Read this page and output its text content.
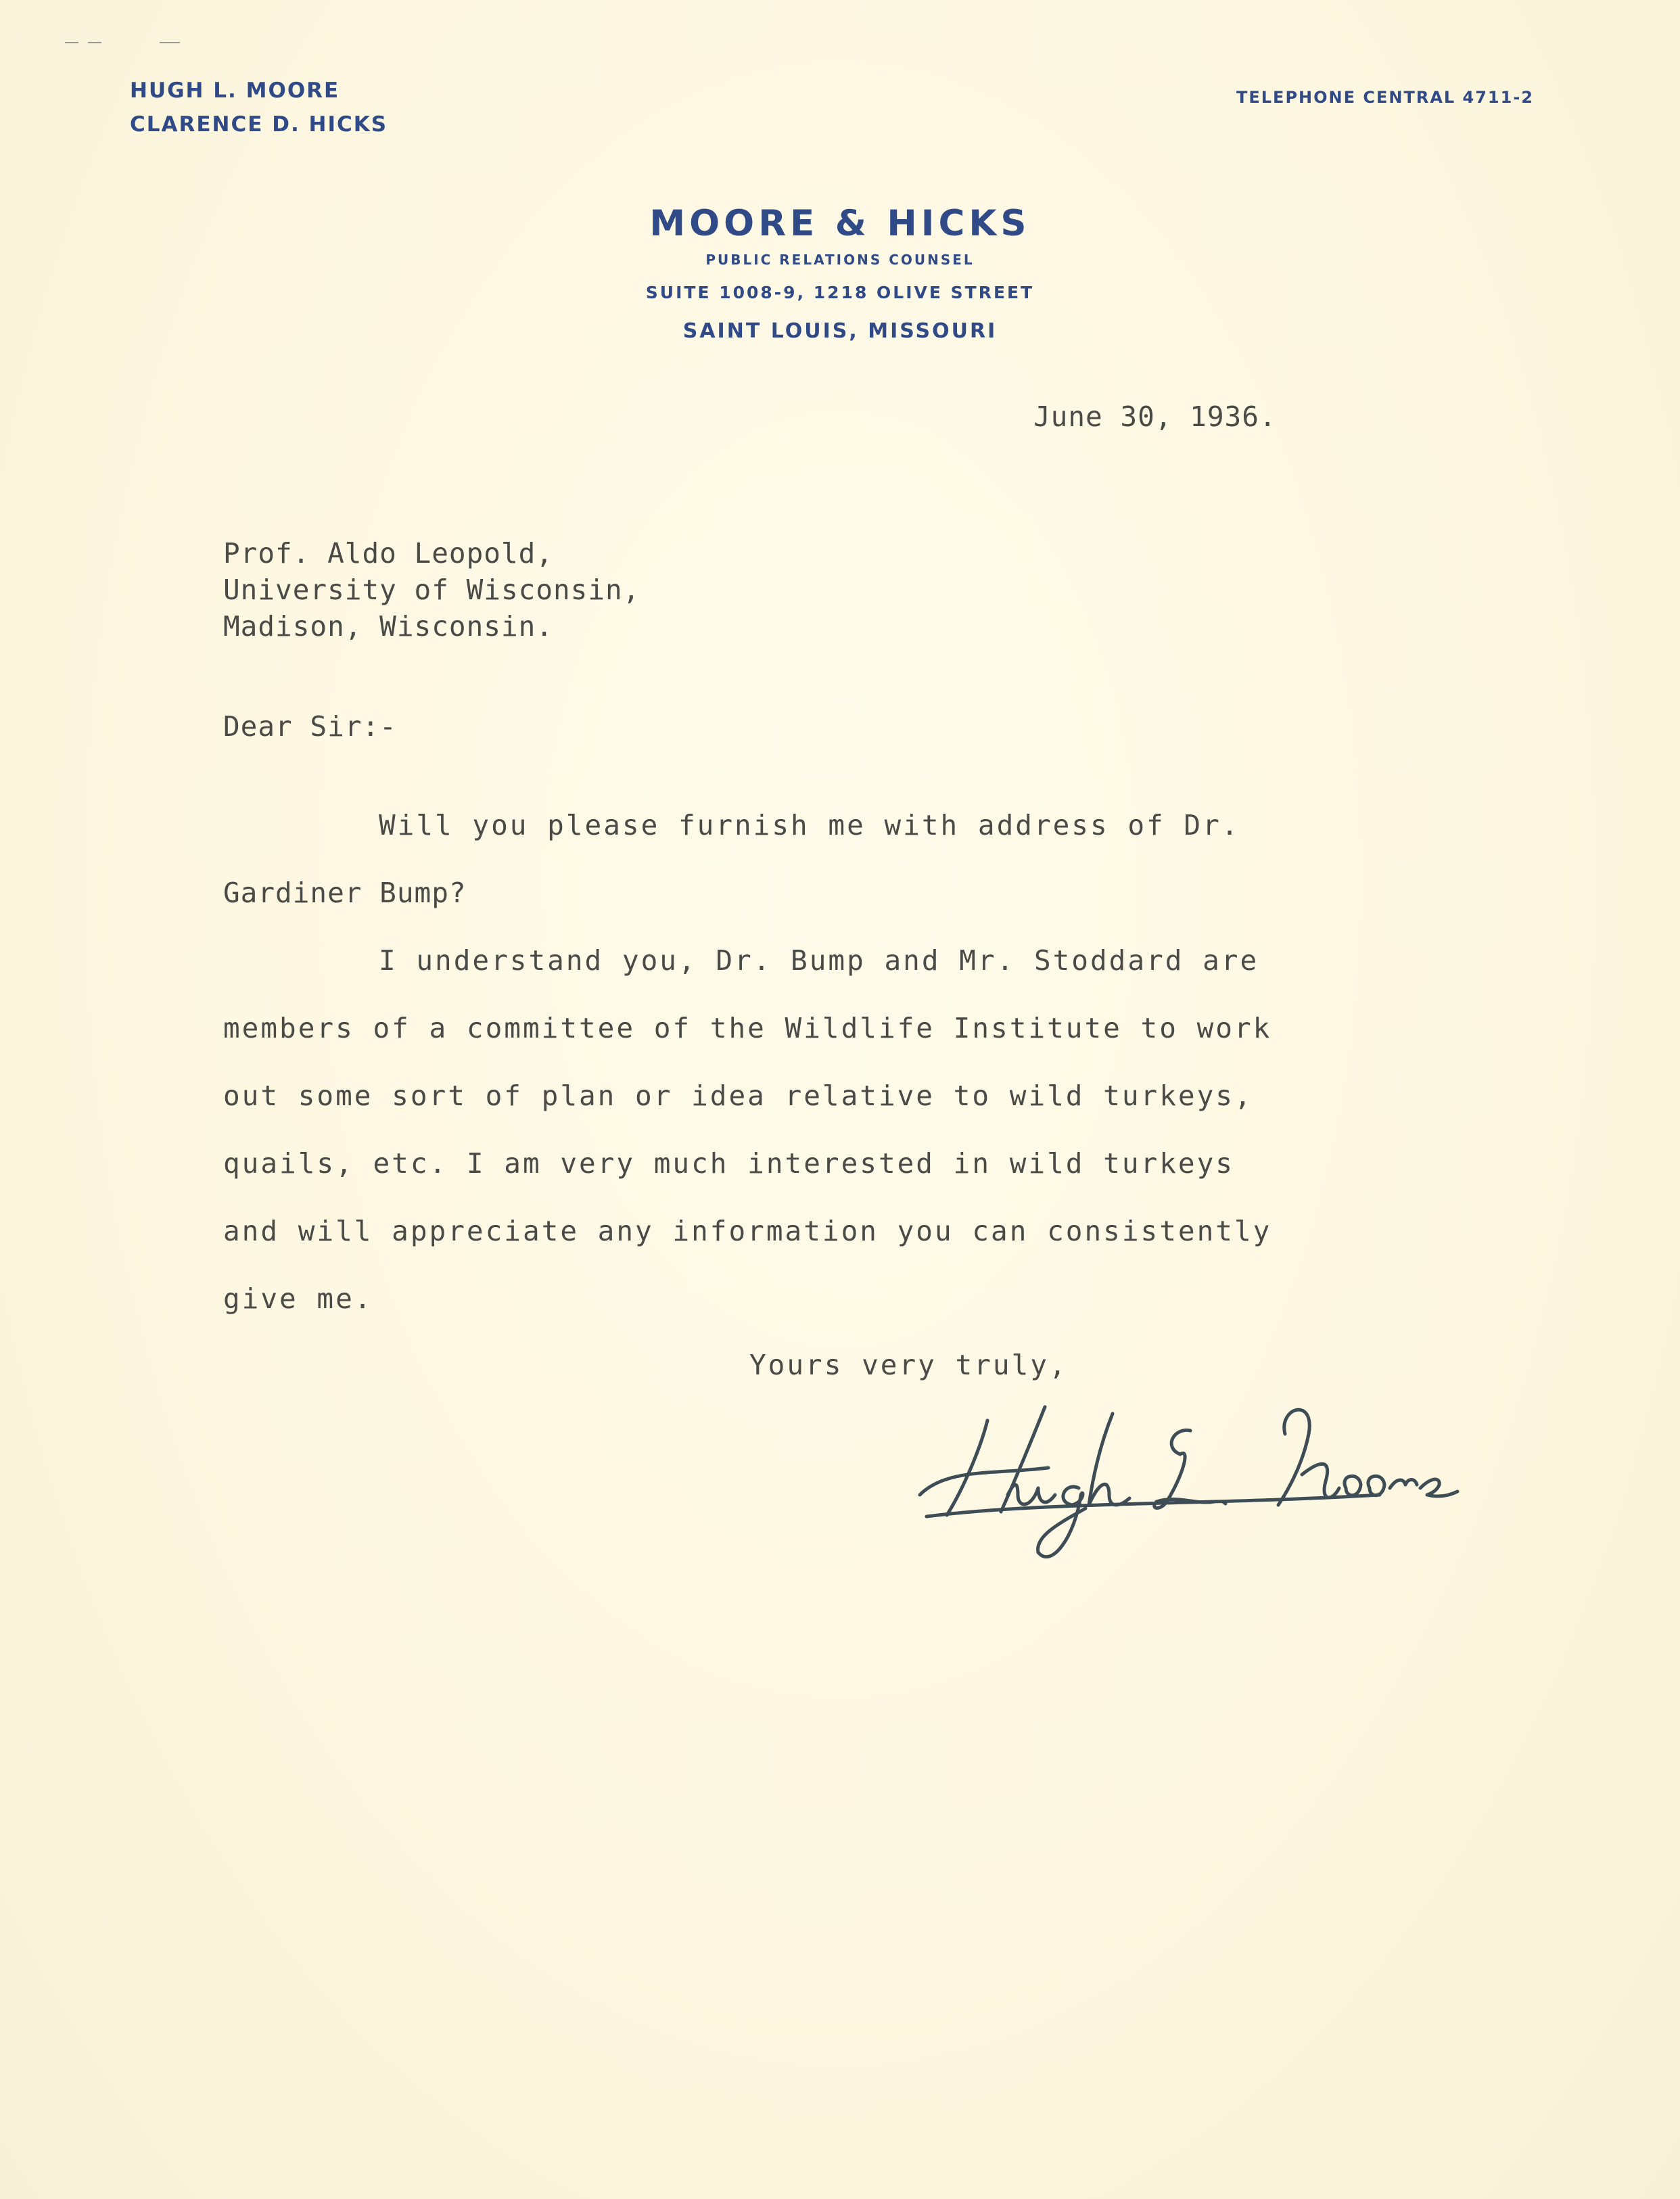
HUGH L. MOORE
CLARENCE D. HICKS
TELEPHONE CENTRAL 4711-2
MOORE & HICKS
PUBLIC RELATIONS COUNSEL
SUITE 1008-9, 1218 OLIVE STREET
SAINT LOUIS, MISSOURI
June 30, 1936.
Prof. Aldo Leopold,
University of Wisconsin,
Madison, Wisconsin.
Dear Sir:-
Will you please furnish me with address of Dr.
Gardiner Bump?
I understand you, Dr. Bump and Mr. Stoddard are
members of a committee of the Wildlife Institute to work
out some sort of plan or idea relative to wild turkeys,
quails, etc. I am very much interested in wild turkeys
and will appreciate any information you can consistently
give me.
Yours very truly,
